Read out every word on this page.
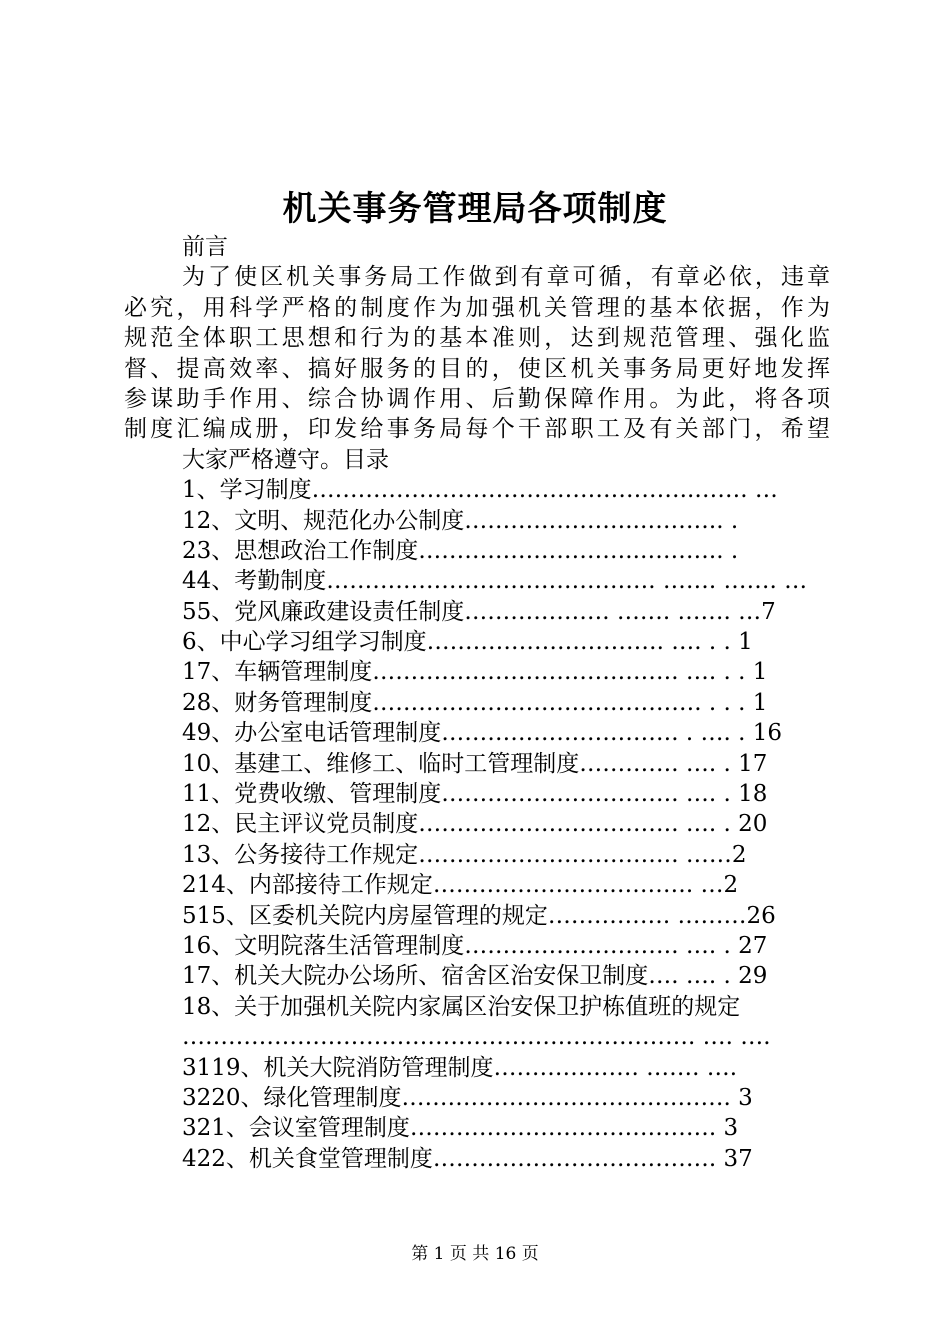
机关事务管理局各项制度
前言
为了使区机关事务局工作做到有章可循，有章必依，违章
必究，用科学严格的制度作为加强机关管理的基本依据，作为
规范全体职工思想和行为的基本准则，达到规范管理、强化监
督、提高效率、搞好服务的目的，使区机关事务局更好地发挥
参谋助手作用、综合协调作用、后勤保障作用。为此，将各项
制度汇编成册，印发给事务局每个干部职工及有关部门，希望
大家严格遵守。目录
1、学习制度…………………………………………..……. …
12、文明、规范化办公制度…………………..……….. .
23、思想政治工作制度………………………..……….. .
44、考勤制度……………………………………. ……. ……. …
55、党风廉政建设责任制度………………. ……. ……. …7
6、中心学习组学习制度…………………………. …. . . 1
17、车辆管理制度…………………………………. …. . . 1
28、财务管理制度……………………………………. . . . 1
49、办公室电话管理制度…………………………. . …. . 16
10、基建工、维修工、临时工管理制度…………. …. . 17
11、党费收缴、管理制度…………………………. …. . 18
12、民主评议党员制度……………………………. …. . 20
13、公务接待工作规定……………………………. ……2
214、内部接待工作规定……………………………. …2
515、区委机关院内房屋管理的规定……………. ………26
16、文明院落生活管理制度………………………. …. . 27
17、机关大院办公场所、宿舍区治安保卫制度…. …. . 29
18、关于加强机关院内家属区治安保卫护栋值班的规定
…………………………………………………………. …. ….
3119、机关大院消防管理制度………………. ……. ….
3220、绿化管理制度……………………………………. 3
321、会议室管理制度…………………………………. 3
422、机关食堂管理制度………………………………. 37
第 1 页 共 16 页
